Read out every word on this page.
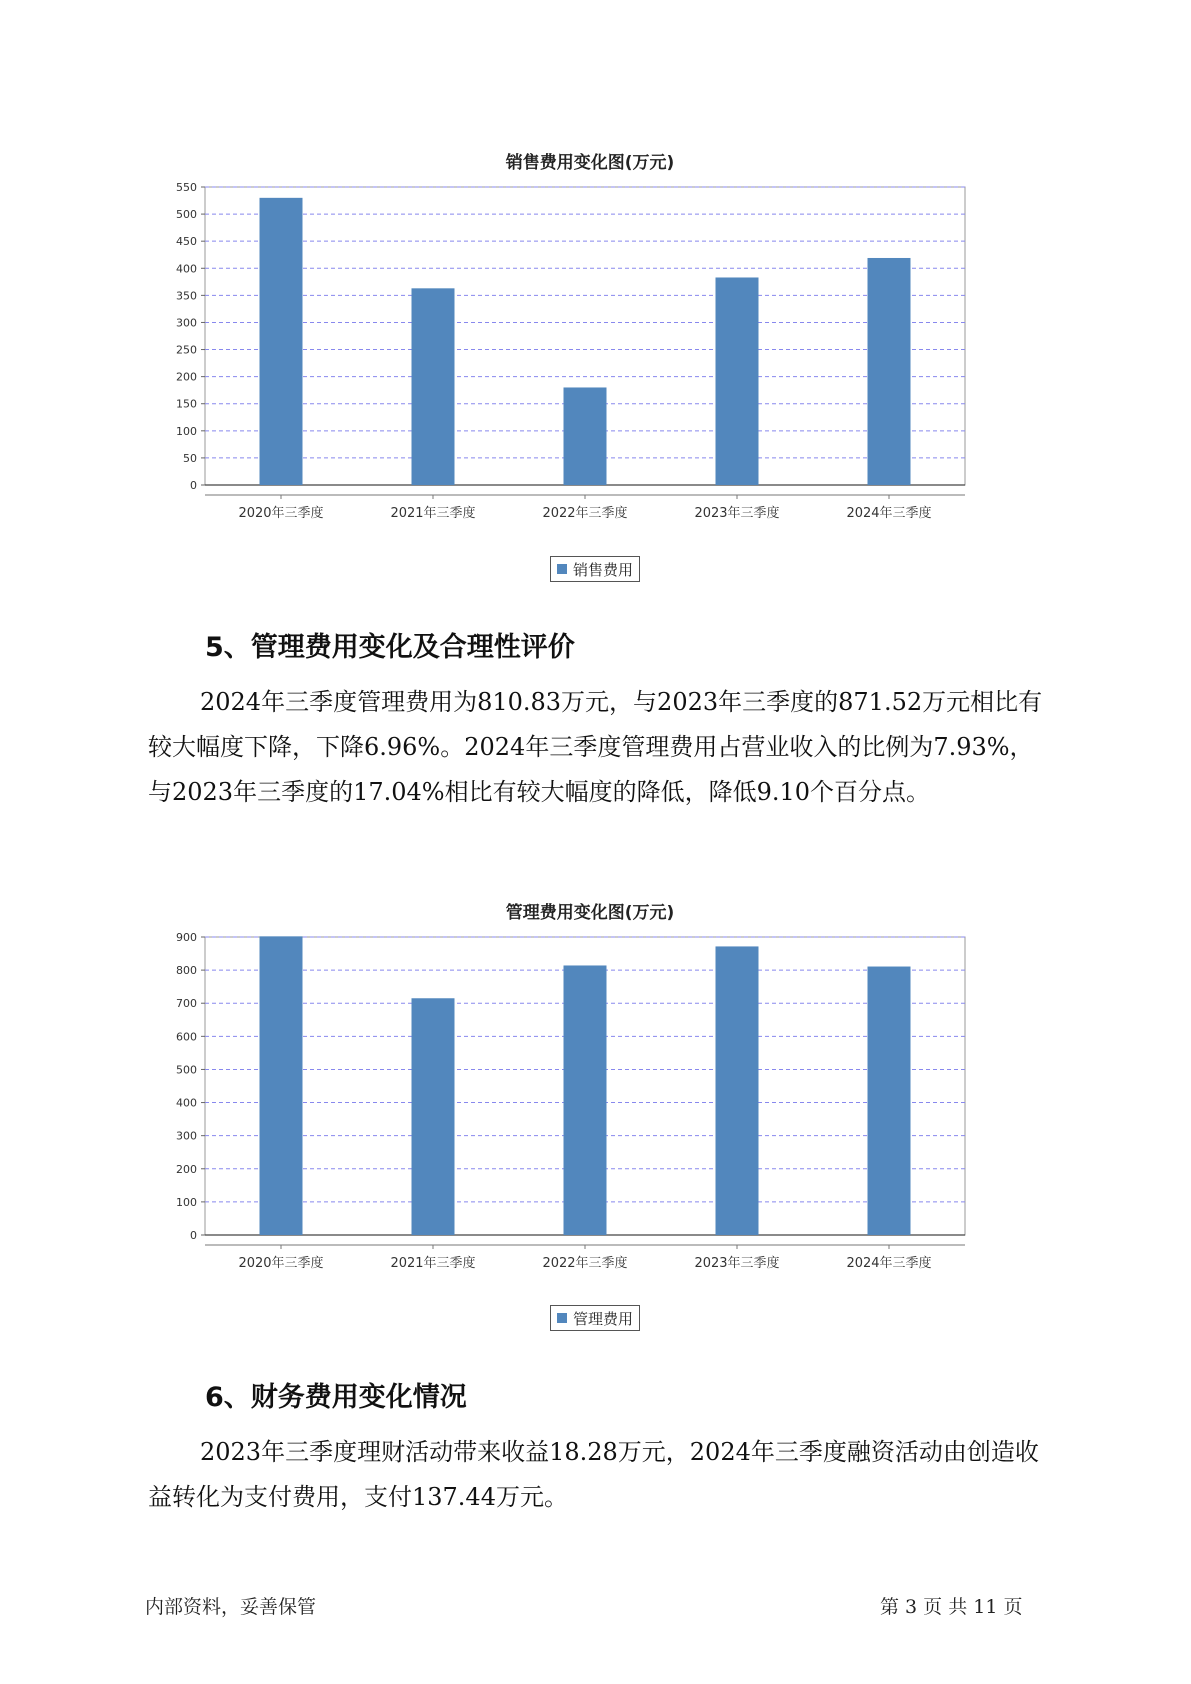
销售费用变化图(万元)
0
50
100
150
200
250
300
350
400
450
500
550
2020年三季度	2021年三季度	2022年三季度	2023年三季度	2024年三季度
销售费用
5、管理费用变化及合理性评价

2024年三季度管理费用为810.83万元，与2023年三季度的871.52万元相比有较大幅度下降，下降6.96%。2024年三季度管理费用占营业收入的比例为7.93%，与2023年三季度的17.04%相比有较大幅度的降低，降低9.10个百分点。

管理费用变化图(万元)
0
100
200
300
400
500
600
700
800
900
2020年三季度	2021年三季度	2022年三季度	2023年三季度	2024年三季度
管理费用
6、财务费用变化情况

2023年三季度理财活动带来收益18.28万元，2024年三季度融资活动由创造收益转化为支付费用，支付137.44万元。

内部资料，妥善保管	第 3 页 共 11 页
